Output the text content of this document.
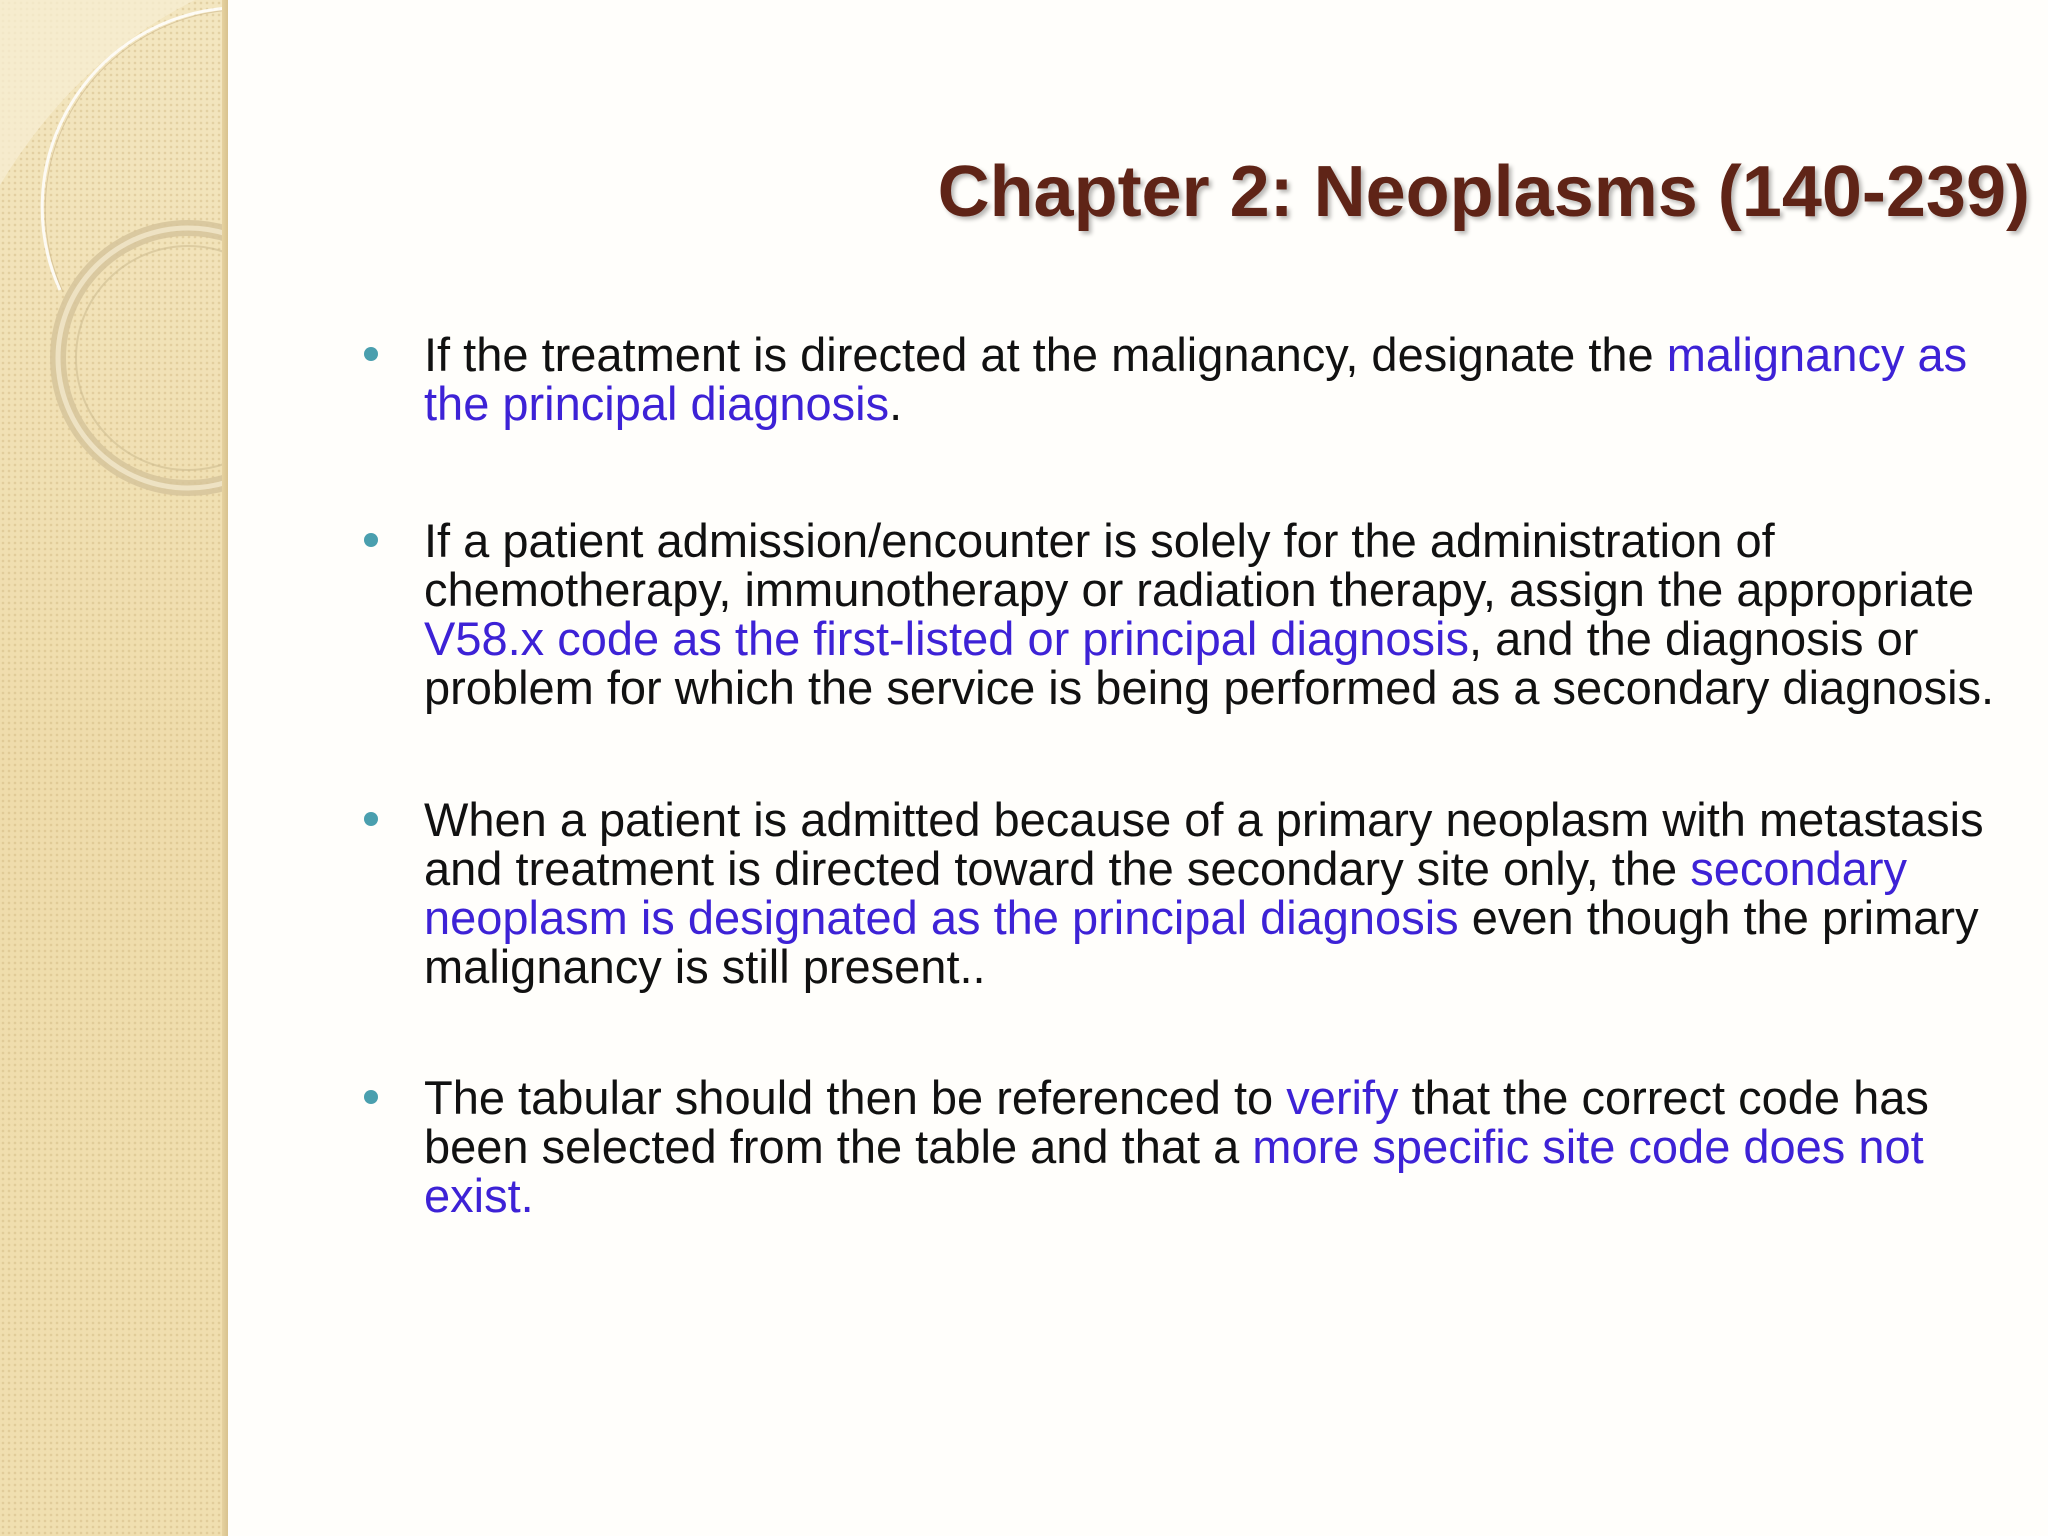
Chapter 2: Neoplasms (140-239)
If the treatment is directed at the malignancy, designate the malignancy as the principal diagnosis.
If a patient admission/encounter is solely for the administration of chemotherapy, immunotherapy or radiation therapy, assign the appropriate V58.x code as the first-listed or principal diagnosis, and the diagnosis or problem for which the service is being performed as a secondary diagnosis.
When a patient is admitted because of a primary neoplasm with metastasis and treatment is directed toward the secondary site only, the secondary neoplasm is designated as the principal diagnosis even though the primary malignancy is still present..
The tabular should then be referenced to verify that the correct code has been selected from the table and that a more specific site code does not exist.
